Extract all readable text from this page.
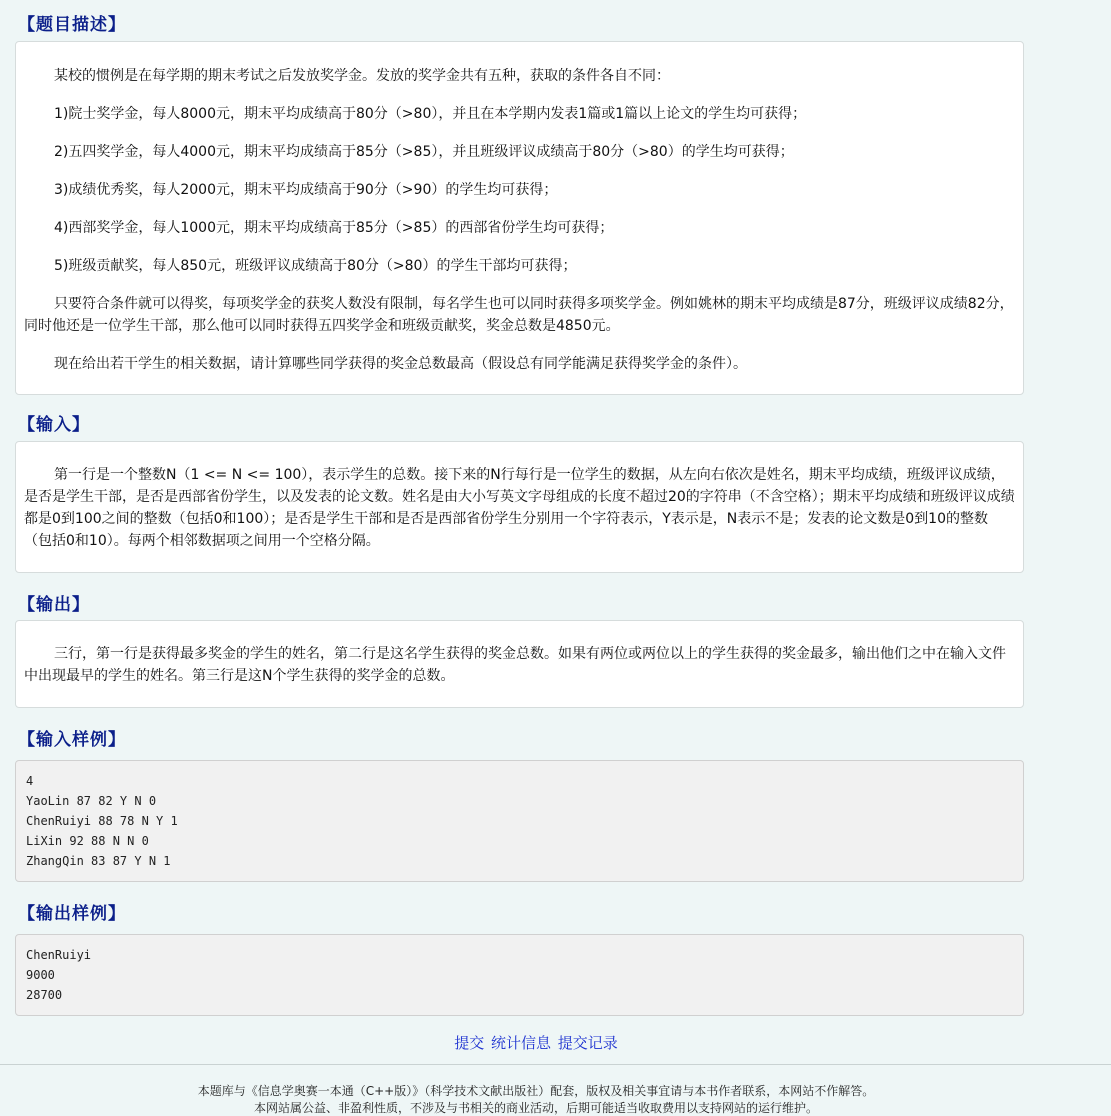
【题目描述】

某校的惯例是在每学期的期末考试之后发放奖学金。发放的奖学金共有五种，获取的条件各自不同：

1)院士奖学金，每人8000元，期末平均成绩高于80分（>80），并且在本学期内发表1篇或1篇以上论文的学生均可获得；

2)五四奖学金，每人4000元，期末平均成绩高于85分（>85），并且班级评议成绩高于80分（>80）的学生均可获得；

3)成绩优秀奖，每人2000元，期末平均成绩高于90分（>90）的学生均可获得；

4)西部奖学金，每人1000元，期末平均成绩高于85分（>85）的西部省份学生均可获得；

5)班级贡献奖，每人850元，班级评议成绩高于80分（>80）的学生干部均可获得；

只要符合条件就可以得奖，每项奖学金的获奖人数没有限制，每名学生也可以同时获得多项奖学金。例如姚林的期末平均成绩是87分，班级评议成绩82分，同时他还是一位学生干部，那么他可以同时获得五四奖学金和班级贡献奖，奖金总数是4850元。

现在给出若干学生的相关数据，请计算哪些同学获得的奖金总数最高（假设总有同学能满足获得奖学金的条件）。

【输入】

第一行是一个整数N（1 <= N <= 100），表示学生的总数。接下来的N行每行是一位学生的数据，从左向右依次是姓名，期末平均成绩，班级评议成绩，是否是学生干部，是否是西部省份学生，以及发表的论文数。姓名是由大小写英文字母组成的长度不超过20的字符串（不含空格）；期末平均成绩和班级评议成绩都是0到100之间的整数（包括0和100）；是否是学生干部和是否是西部省份学生分别用一个字符表示，Y表示是，N表示不是；发表的论文数是0到10的整数（包括0和10）。每两个相邻数据项之间用一个空格分隔。

【输出】

三行，第一行是获得最多奖金的学生的姓名，第二行是这名学生获得的奖金总数。如果有两位或两位以上的学生获得的奖金最多，输出他们之中在输入文件中出现最早的学生的姓名。第三行是这N个学生获得的奖学金的总数。

【输入样例】
4
YaoLin 87 82 Y N 0
ChenRuiyi 88 78 N Y 1
LiXin 92 88 N N 0
ZhangQin 83 87 Y N 1
【输出样例】
ChenRuiyi
9000
28700
提交 统计信息 提交记录
本题库与《信息学奥赛一本通（C++版）》（科学技术文献出版社）配套，版权及相关事宜请与本书作者联系，本网站不作解答。
本网站属公益、非盈利性质，不涉及与书相关的商业活动，后期可能适当收取费用以支持网站的运行维护。
